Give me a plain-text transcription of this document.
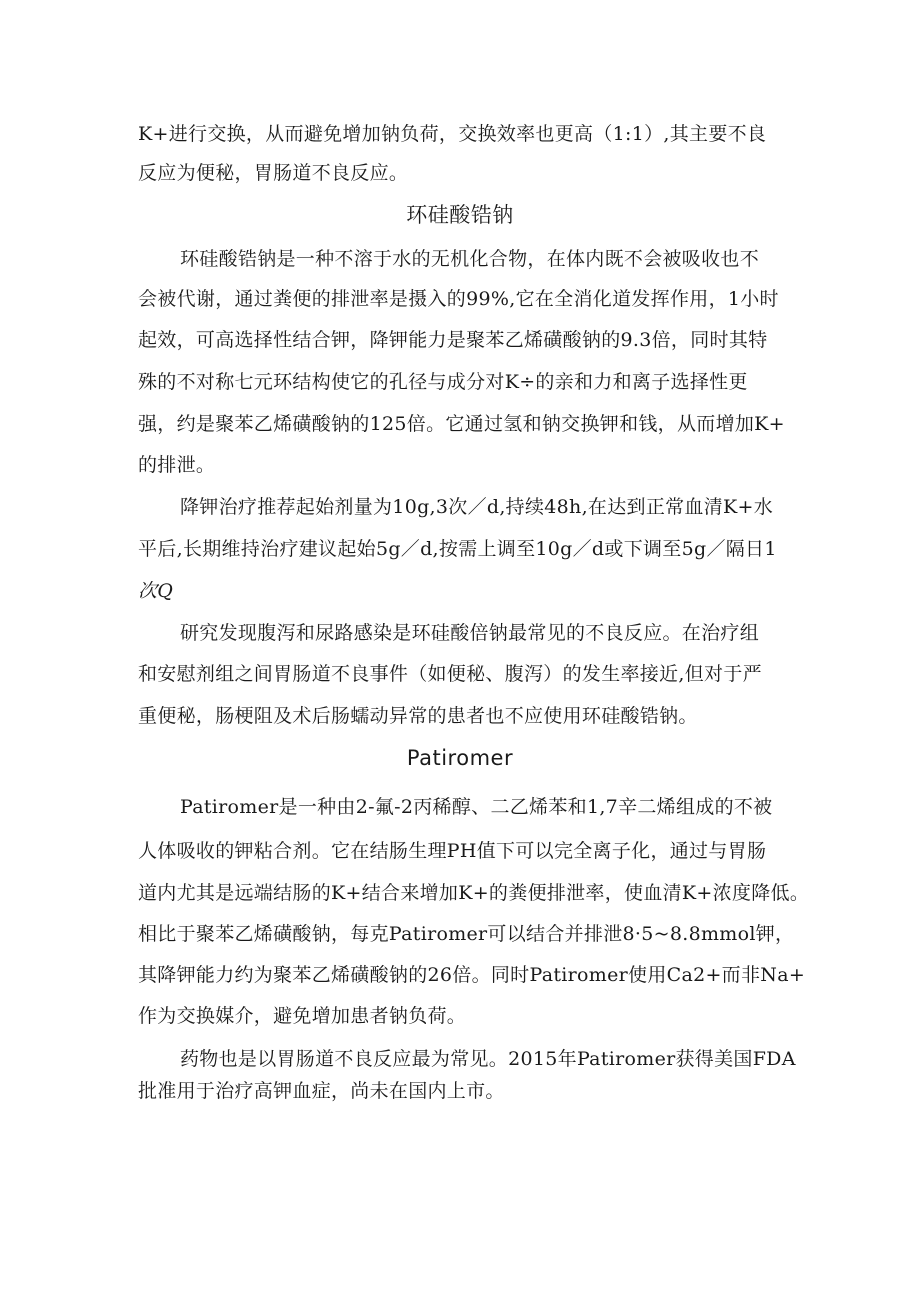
K+进行交换，从而避免增加钠负荷，交换效率也更高（1:1）,其主要不良
反应为便秘，胃肠道不良反应。
环硅酸锆钠
环硅酸锆钠是一种不溶于水的无机化合物，在体内既不会被吸收也不
会被代谢，通过粪便的排泄率是摄入的99%,它在全消化道发挥作用，1小时
起效，可高选择性结合钾，降钾能力是聚苯乙烯磺酸钠的9.3倍，同时其特
殊的不对称七元环结构使它的孔径与成分对K÷的亲和力和离子选择性更
强，约是聚苯乙烯磺酸钠的125倍。它通过氢和钠交换钾和钱，从而增加K+
的排泄。
降钾治疗推荐起始剂量为10g,3次／d,持续48h,在达到正常血清K+水
平后,长期维持治疗建议起始5g／d,按需上调至10g／d或下调至5g／隔日1
次Q
研究发现腹泻和尿路感染是环硅酸倍钠最常见的不良反应。在治疗组
和安慰剂组之间胃肠道不良事件（如便秘、腹泻）的发生率接近,但对于严
重便秘，肠梗阻及术后肠蠕动异常的患者也不应使用环硅酸锆钠。
Patiromer
Patiromer是一种由2-氟-2丙稀醇、二乙烯苯和1,7辛二烯组成的不被
人体吸收的钾粘合剂。它在结肠生理PH值下可以完全离子化，通过与胃肠
道内尤其是远端结肠的K+结合来增加K+的粪便排泄率，使血清K+浓度降低。
相比于聚苯乙烯磺酸钠，每克Patiromer可以结合并排泄8·5~8.8mmol钾，
其降钾能力约为聚苯乙烯磺酸钠的26倍。同时Patiromer使用Ca2+而非Na+
作为交换媒介，避免增加患者钠负荷。
药物也是以胃肠道不良反应最为常见。2015年Patiromer获得美国FDA
批准用于治疗高钾血症，尚未在国内上市。
